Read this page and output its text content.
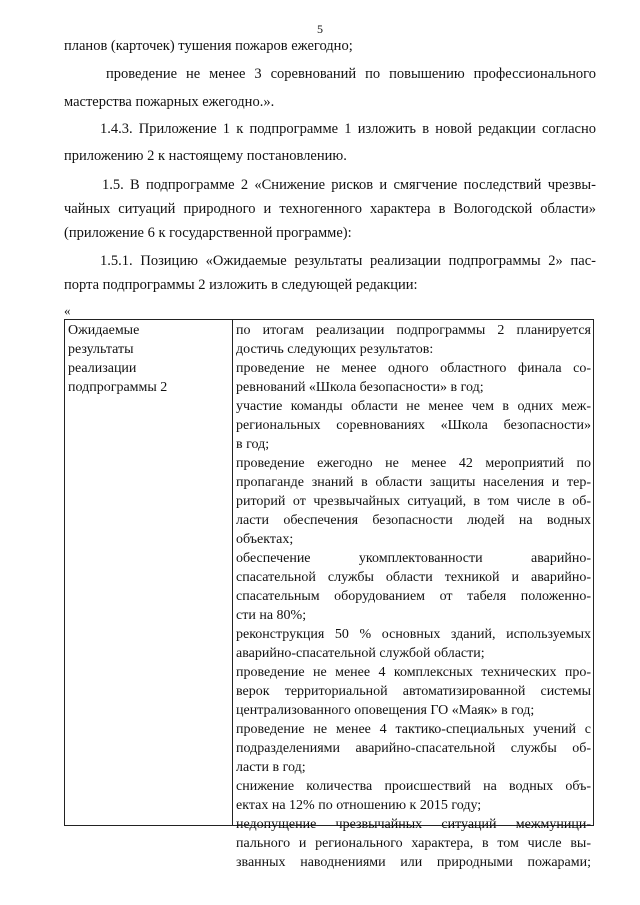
5

планов (карточек) тушения пожаров ежегодно;

проведение не менее 3 соревнований по повышению профессионального

мастерства пожарных ежегодно.».

1.4.3. Приложение 1 к подпрограмме 1 изложить в новой редакции согласно

приложению 2 к настоящему постановлению.

1.5. В подпрограмме 2 «Снижение рисков и смягчение последствий чрезвы-

чайных ситуаций природного и техногенного характера в Вологодской области»

(приложение 6 к государственной программе):

1.5.1. Позицию «Ожидаемые результаты реализации подпрограммы 2» пас-

порта подпрограммы 2 изложить в следующей редакции:

«

Ожидаемые
результаты
реализации
подпрограммы 2
по итогам реализации подпрограммы 2 планируется
достичь следующих результатов:
проведение не менее одного областного финала со-
ревнований «Школа безопасности» в год;
участие команды области не менее чем в одних меж-
региональных соревнованиях «Школа безопасности»
в год;
проведение ежегодно не менее 42 мероприятий по
пропаганде знаний в области защиты населения и тер-
риторий от чрезвычайных ситуаций, в том числе в об-
ласти обеспечения безопасности людей на водных
объектах;
обеспечение укомплектованности аварийно-
спасательной службы области техникой и аварийно-
спасательным оборудованием от табеля положенно-
сти на 80%;
реконструкция 50 % основных зданий, используемых
аварийно-спасательной службой области;
проведение не менее 4 комплексных технических про-
верок территориальной автоматизированной системы
централизованного оповещения ГО «Маяк» в год;
проведение не менее 4 тактико-специальных учений с
подразделениями аварийно-спасательной службы об-
ласти в год;
снижение количества происшествий на водных объ-
ектах на 12% по отношению к 2015 году;
недопущение чрезвычайных ситуаций межмуници-
пального и регионального характера, в том числе вы-
званных наводнениями или природными пожарами;
